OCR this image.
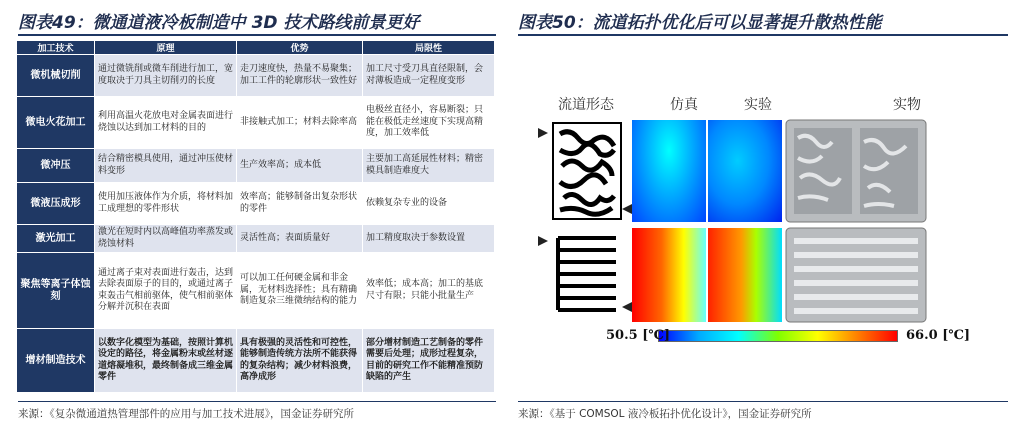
图表49：微通道液冷板制造中 3D 技术路线前景更好	图表50：流道拓扑优化后可以显著提升散热性能
加工技术	原理	优势	局限性
微机械切削	通过微铣削或微车削进行加工，宽度取决于刀具主切削刃的长度	走刀速度快，热量不易聚集；加工工件的轮廓形状一致性好	加工尺寸受刀具直径限制，会对薄板造成一定程度变形
微电火花加工	利用高温火花放电对金属表面进行烧蚀以达到加工材料的目的	非接触式加工；材料去除率高	电极丝直径小，容易断裂；只能在极低走丝速度下实现高精度，加工效率低
微冲压	结合精密模具使用，通过冲压使材料变形	生产效率高；成本低	主要加工高延展性材料；精密模具制造难度大
微液压成形	使用加压液体作为介质，将材料加工成理想的零件形状	效率高；能够制备出复杂形状的零件	依赖复杂专业的设备
激光加工	激光在短时内以高峰值功率蒸发或烧蚀材料	灵活性高；表面质量好	加工精度取决于参数设置
聚焦等离子体蚀刻	通过离子束对表面进行轰击，达到去除表面原子的目的，或通过离子束轰击气相前驱体，使气相前驱体分解并沉积在表面	可以加工任何硬金属和非金属，无材料选择性；具有精确制造复杂三维微纳结构的能力	效率低；成本高；加工的基底尺寸有限；只能小批量生产
增材制造技术	以数字化模型为基础，按照计算机设定的路径，将金属粉末或丝材逐道熔凝堆积，最终制备成三维金属零件	具有极强的灵活性和可控性，能够制造传统方法所不能获得的复杂结构；减少材料浪费，高净成形	部分增材制造工艺制备的零件需要后处理；成形过程复杂，目前的研究工作不能精准预防缺陷的产生
流道形态	仿真	实验	实物
50.5 [℃]	66.0 [℃]
来源：《复杂微通道热管理部件的应用与加工技术进展》，国金证券研究所	来源：《基于 COMSOL 液冷板拓扑优化设计》，国金证券研究所
